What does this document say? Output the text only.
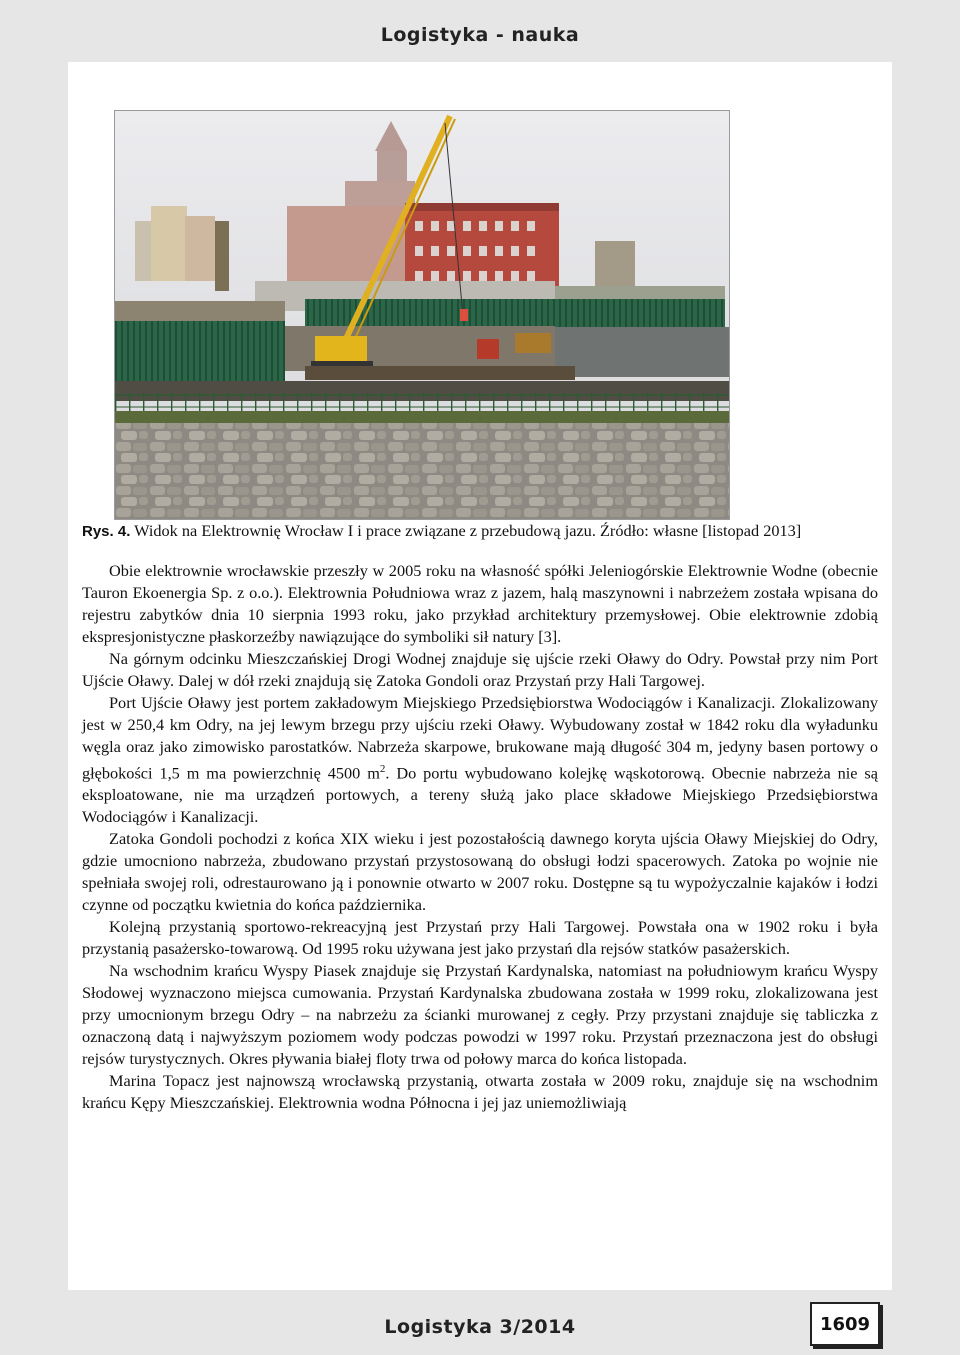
Logistyka - nauka
Rys. 4. Widok na Elektrownię Wrocław I i prace związane z przebudową jazu. Źródło: własne [listopad 2013]

Obie elektrownie wrocławskie przeszły w 2005 roku na własność spółki Jeleniogórskie Elektrownie Wodne (obecnie Tauron Ekoenergia Sp. z o.o.). Elektrownia Południowa wraz z jazem, halą maszynowni i nabrzeżem została wpisana do rejestru zabytków dnia 10 sierpnia 1993 roku, jako przykład architektury przemysłowej. Obie elektrownie zdobią ekspresjonistyczne płaskorzeźby nawiązujące do symboliki sił natury [3].

Na górnym odcinku Mieszczańskiej Drogi Wodnej znajduje się ujście rzeki Oławy do Odry. Powstał przy nim Port Ujście Oławy. Dalej w dół rzeki znajdują się Zatoka Gondoli oraz Przystań przy Hali Targowej.

Port Ujście Oławy jest portem zakładowym Miejskiego Przedsiębiorstwa Wodociągów i Kanalizacji. Zlokalizowany jest w 250,4 km Odry, na jej lewym brzegu przy ujściu rzeki Oławy. Wybudowany został w 1842 roku dla wyładunku węgla oraz jako zimowisko parostatków. Nabrzeża skarpowe, brukowane mają długość 304 m, jedyny basen portowy o głębokości 1,5 m ma powierzchnię 4500 $m^2$. Do portu wybudowano kolejkę wąskotorową. Obecnie nabrzeża nie są eksploatowane, nie ma urządzeń portowych, a tereny służą jako place składowe Miejskiego Przedsiębiorstwa Wodociągów i Kanalizacji.

Zatoka Gondoli pochodzi z końca XIX wieku i jest pozostałością dawnego koryta ujścia Oławy Miejskiej do Odry, gdzie umocniono nabrzeża, zbudowano przystań przystosowaną do obsługi łodzi spacerowych. Zatoka po wojnie nie spełniała swojej roli, odrestaurowano ją i ponownie otwarto w 2007 roku. Dostępne są tu wypożyczalnie kajaków i łodzi czynne od początku kwietnia do końca października.

Kolejną przystanią sportowo-rekreacyjną jest Przystań przy Hali Targowej. Powstała ona w 1902 roku i była przystanią pasażersko-towarową. Od 1995 roku używana jest jako przystań dla rejsów statków pasażerskich.

Na wschodnim krańcu Wyspy Piasek znajduje się Przystań Kardynalska, natomiast na południowym krańcu Wyspy Słodowej wyznaczono miejsca cumowania. Przystań Kardynalska zbudowana została w 1999 roku, zlokalizowana jest przy umocnionym brzegu Odry – na nabrzeżu za ścianki murowanej z cegły. Przy przystani znajduje się tabliczka z oznaczoną datą i najwyższym poziomem wody podczas powodzi w 1997 roku. Przystań przeznaczona jest do obsługi rejsów turystycznych. Okres pływania białej floty trwa od połowy marca do końca listopada.

Marina Topacz jest najnowszą wrocławską przystanią, otwarta została w 2009 roku, znajduje się na wschodnim krańcu Kępy Mieszczańskiej. Elektrownia wodna Północna i jej jaz uniemożliwiają

Logistyka 3/2014	1609
